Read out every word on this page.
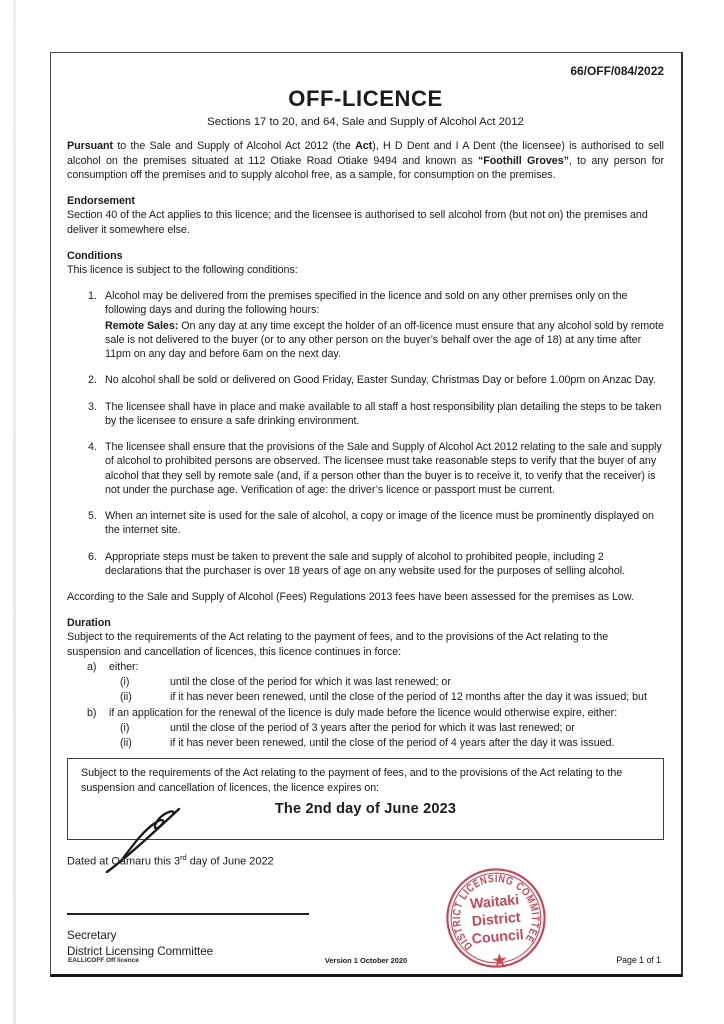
66/OFF/084/2022
OFF-LICENCE
Sections 17 to 20, and 64, Sale and Supply of Alcohol Act 2012
Pursuant to the Sale and Supply of Alcohol Act 2012 (the Act), H D Dent and I A Dent (the licensee) is authorised to sell alcohol on the premises situated at 112 Otiake Road Otiake 9494 and known as “Foothill Groves”, to any person for consumption off the premises and to supply alcohol free, as a sample, for consumption on the premises.
Endorsement
Section 40 of the Act applies to this licence; and the licensee is authorised to sell alcohol from (but not on) the premises and deliver it somewhere else.
Conditions
This licence is subject to the following conditions:
1. Alcohol may be delivered from the premises specified in the licence and sold on any other premises only on the following days and during the following hours:
Remote Sales: On any day at any time except the holder of an off-licence must ensure that any alcohol sold by remote sale is not delivered to the buyer (or to any other person on the buyer’s behalf over the age of 18) at any time after 11pm on any day and before 6am on the next day.
2. No alcohol shall be sold or delivered on Good Friday, Easter Sunday, Christmas Day or before 1.00pm on Anzac Day.
3. The licensee shall have in place and make available to all staff a host responsibility plan detailing the steps to be taken by the licensee to ensure a safe drinking environment.
4. The licensee shall ensure that the provisions of the Sale and Supply of Alcohol Act 2012 relating to the sale and supply of alcohol to prohibited persons are observed. The licensee must take reasonable steps to verify that the buyer of any alcohol that they sell by remote sale (and, if a person other than the buyer is to receive it, to verify that the receiver) is not under the purchase age. Verification of age: the driver’s licence or passport must be current.
5. When an internet site is used for the sale of alcohol, a copy or image of the licence must be prominently displayed on the internet site.
6. Appropriate steps must be taken to prevent the sale and supply of alcohol to prohibited people, including 2 declarations that the purchaser is over 18 years of age on any website used for the purposes of selling alcohol.
According to the Sale and Supply of Alcohol (Fees) Regulations 2013 fees have been assessed for the premises as Low.
Duration
Subject to the requirements of the Act relating to the payment of fees, and to the provisions of the Act relating to the suspension and cancellation of licences, this licence continues in force:
a)	either:
(i)	until the close of the period for which it was last renewed; or
(ii)	if it has never been renewed, until the close of the period of 12 months after the day it was issued; but
b)	if an application for the renewal of the licence is duly made before the licence would otherwise expire, either:
(i)	until the close of the period of 3 years after the period for which it was last renewed; or
(ii)	if it has never been renewed, until the close of the period of 4 years after the day it was issued.
Subject to the requirements of the Act relating to the payment of fees, and to the provisions of the Act relating to the suspension and cancellation of licences, the licence expires on:
The 2nd day of June 2023
Dated at Oamaru this 3rd day of June 2022
Secretary
District Licensing Committee	DISTRICT LICENSING COMMITTEE
Waitaki
District
Council
★
EALLICOFF Off licence	Version 1 October 2020	Page 1 of 1
